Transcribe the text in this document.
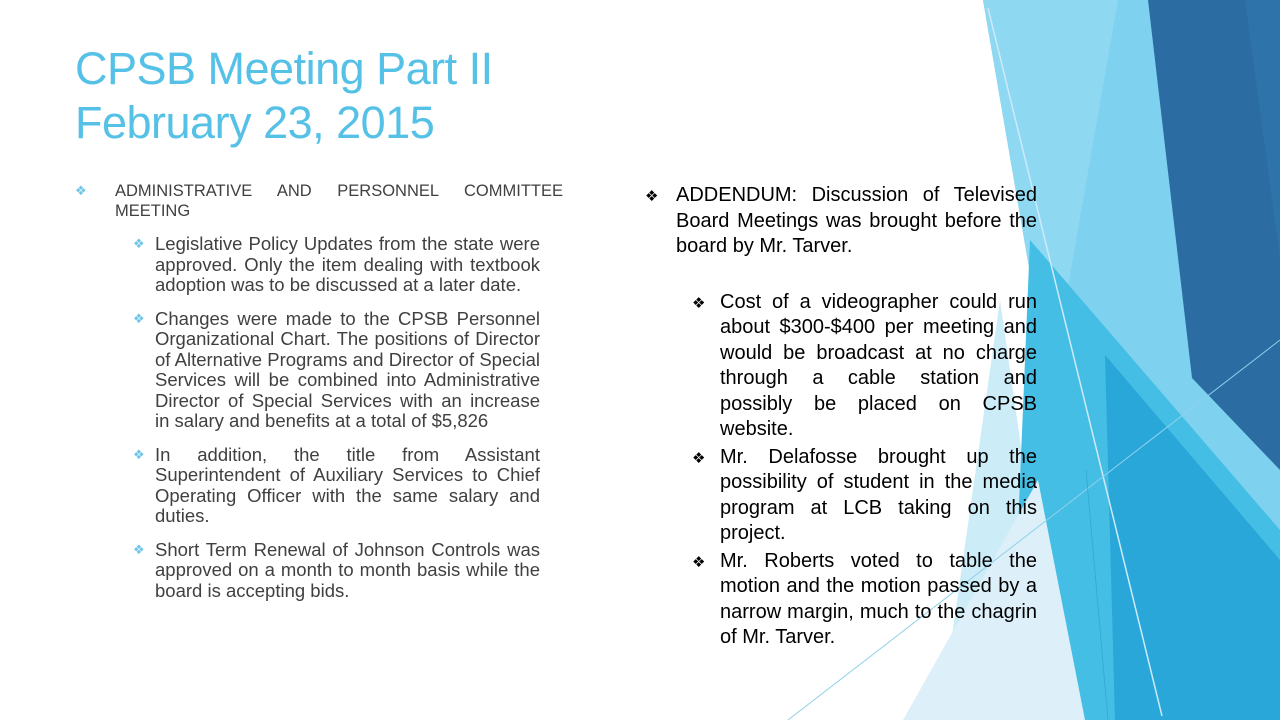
CPSB Meeting Part II
February 23, 2015
❖	ADMINISTRATIVE AND PERSONNEL COMMITTEE MEETING
❖ Legislative Policy Updates from the state were approved. Only the item dealing with textbook adoption was to be discussed at a later date.
❖ Changes were made to the CPSB Personnel Organizational Chart. The positions of Director of Alternative Programs and Director of Special Services will be combined into Administrative Director of Special Services with an increase in salary and benefits at a total of $5,826
❖ In addition, the title from Assistant Superintendent of Auxiliary Services to Chief Operating Officer with the same salary and duties.
❖ Short Term Renewal of Johnson Controls was approved on a month to month basis while the board is accepting bids.
❖ ADDENDUM: Discussion of Televised Board Meetings was brought before the board by Mr. Tarver.
❖ Cost of a videographer could run about $300-$400 per meeting and would be broadcast at no charge through a cable station and possibly be placed on CPSB website.
❖ Mr. Delafosse brought up the possibility of student in the media program at LCB taking on this project.
❖ Mr. Roberts voted to table the motion and the motion passed by a narrow margin, much to the chagrin of Mr. Tarver.
